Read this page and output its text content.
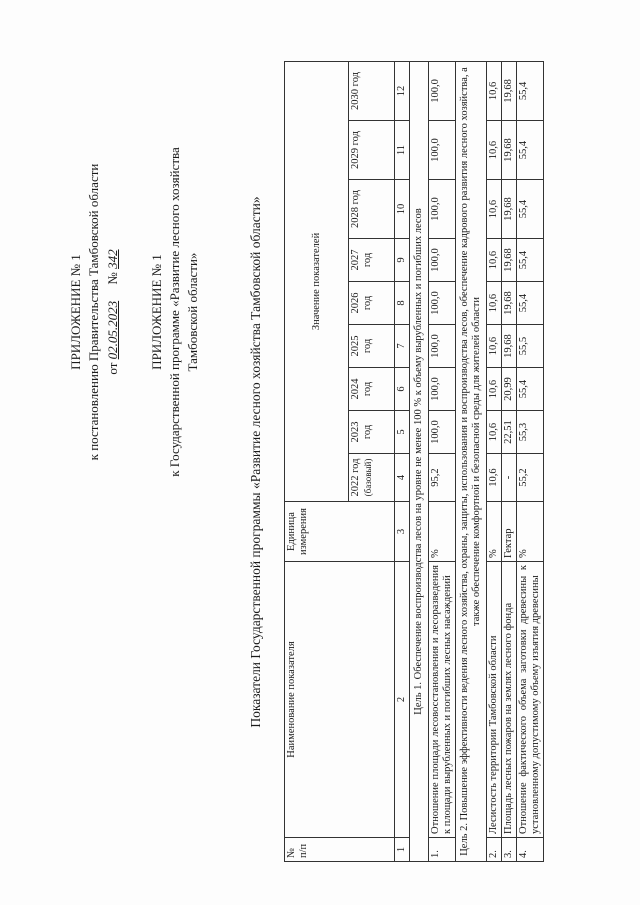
ПРИЛОЖЕНИЕ № 1 к постановлению Правительства Тамбовской области от 02.05.2023     № 342 ПРИЛОЖЕНИЕ № 1 к Государственной программе «Развитие лесного хозяйства Тамбовской области»	Показатели Государственной программы «Развитие лесного хозяйства Тамбовской области»
№ п/п	Наименование показателя	Единица измерения	Значение показателей								

			2022 год (базовый)	2023 год	2024 год	2025 год	2026 год	2027 год	2028 год	2029 год	2030 год

1	2	3	4	5	6	7	8	9	10	11	12
Цель 1. Обеспечение воспроизводства лесов на уровне не менее 100 % к объему вырубленных и погибших лесов											
1.	Отношение площади лесовосстановления и лесоразведения к площади вырубленных и погибших лесных насаждений	%	95,2	100,0	100,0	100,0	100,0	100,0	100,0	100,0	100,0
Цель 2. Повышение эффективности ведения лесного хозяйства, охраны, защиты, использования и воспроизводства лесов, обеспечение кадрового развития лесного хозяйства, а также обеспечение комфортной и безопасной среды для жителей области											
2.	Лесистость территории Тамбовской области	%	10,6	10,6	10,6	10,6	10,6	10,6	10,6	10,6	10,6
3.	Площадь лесных пожаров на землях лесного фонда	Гектар	-	22,51	20,99	19,68	19,68	19,68	19,68	19,68	19,68
4.	Отношение фактического объема заготовки древесины к установленному допустимому объему изъятия древесины	%	55,2	55,3	55,4	55,5	55,4	55,4	55,4	55,4	55,4
